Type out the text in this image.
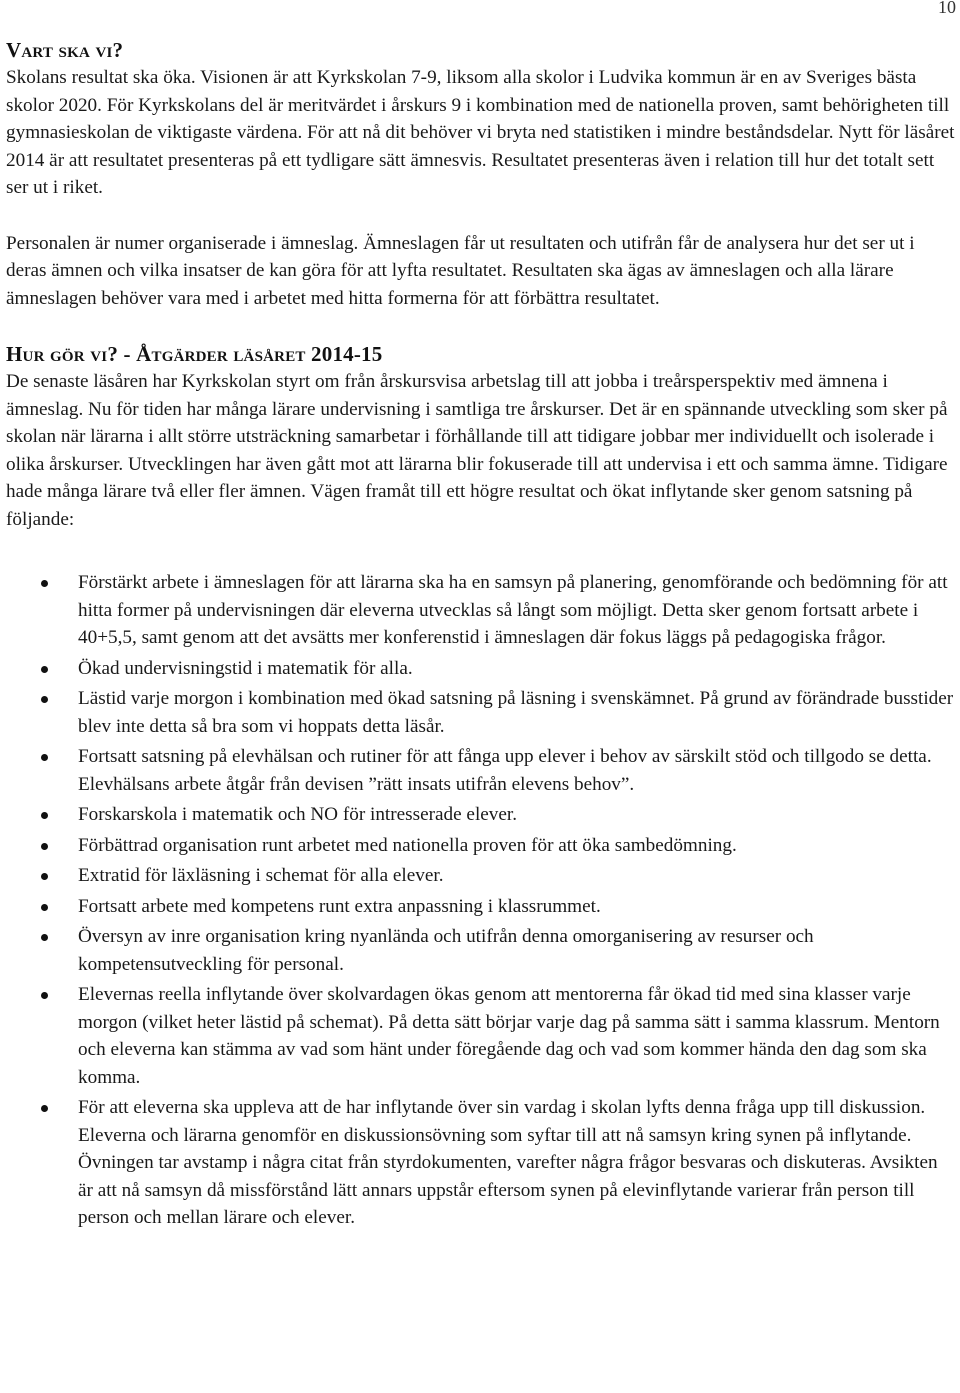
10
Vart ska vi?

Skolans resultat ska öka. Visionen är att Kyrkskolan 7-9, liksom alla skolor i Ludvika kommun är en av Sveriges bästa skolor 2020. För Kyrkskolans del är meritvärdet i årskurs 9 i kombination med de nationella proven, samt behörigheten till gymnasieskolan de viktigaste värdena. För att nå dit behöver vi bryta ned statistiken i mindre beståndsdelar. Nytt för läsåret 2014 är att resultatet presenteras på ett tydligare sätt ämnesvis. Resultatet presenteras även i relation till hur det totalt sett ser ut i riket.

Personalen är numer organiserade i ämneslag. Ämneslagen får ut resultaten och utifrån får de analysera hur det ser ut i deras ämnen och vilka insatser de kan göra för att lyfta resultatet. Resultaten ska ägas av ämneslagen och alla lärare ämneslagen behöver vara med i arbetet med hitta formerna för att förbättra resultatet.

Hur gör vi? - Åtgärder läsåret 2014-15

De senaste läsåren har Kyrkskolan styrt om från årskursvisa arbetslag till att jobba i treårsperspektiv med ämnena i ämneslag. Nu för tiden har många lärare undervisning i samtliga tre årskurser. Det är en spännande utveckling som sker på skolan när lärarna i allt större utsträckning samarbetar i förhållande till att tidigare jobbar mer individuellt och isolerade i olika årskurser. Utvecklingen har även gått mot att lärarna blir fokuserade till att undervisa i ett och samma ämne. Tidigare hade många lärare två eller fler ämnen. Vägen framåt till ett högre resultat och ökat inflytande sker genom satsning på följande:

Förstärkt arbete i ämneslagen för att lärarna ska ha en samsyn på planering, genomförande och bedömning för att hitta former på undervisningen där eleverna utvecklas så långt som möjligt. Detta sker genom fortsatt arbete i 40+5,5, samt genom att det avsätts mer konferenstid i ämneslagen där fokus läggs på pedagogiska frågor.
Ökad undervisningstid i matematik för alla.
Lästid varje morgon i kombination med ökad satsning på läsning i svenskämnet. På grund av förändrade busstider blev inte detta så bra som vi hoppats detta läsår.
Fortsatt satsning på elevhälsan och rutiner för att fånga upp elever i behov av särskilt stöd och tillgodo se detta. Elevhälsans arbete åtgår från devisen ”rätt insats utifrån elevens behov”.
Forskarskola i matematik och NO för intresserade elever.
Förbättrad organisation runt arbetet med nationella proven för att öka sambedömning.
Extratid för läxläsning i schemat för alla elever.
Fortsatt arbete med kompetens runt extra anpassning i klassrummet.
Översyn av inre organisation kring nyanlända och utifrån denna omorganisering av resurser och kompetensutveckling för personal.
Elevernas reella inflytande över skolvardagen ökas genom att mentorerna får ökad tid med sina klasser varje morgon (vilket heter lästid på schemat). På detta sätt börjar varje dag på samma sätt i samma klassrum. Mentorn och eleverna kan stämma av vad som hänt under föregående dag och vad som kommer hända den dag som ska komma.
För att eleverna ska uppleva att de har inflytande över sin vardag i skolan lyfts denna fråga upp till diskussion. Eleverna och lärarna genomför en diskussionsövning som syftar till att nå samsyn kring synen på inflytande. Övningen tar avstamp i några citat från styrdokumenten, varefter några frågor besvaras och diskuteras. Avsikten är att nå samsyn då missförstånd lätt annars uppstår eftersom synen på elevinflytande varierar från person till person och mellan lärare och elever.
